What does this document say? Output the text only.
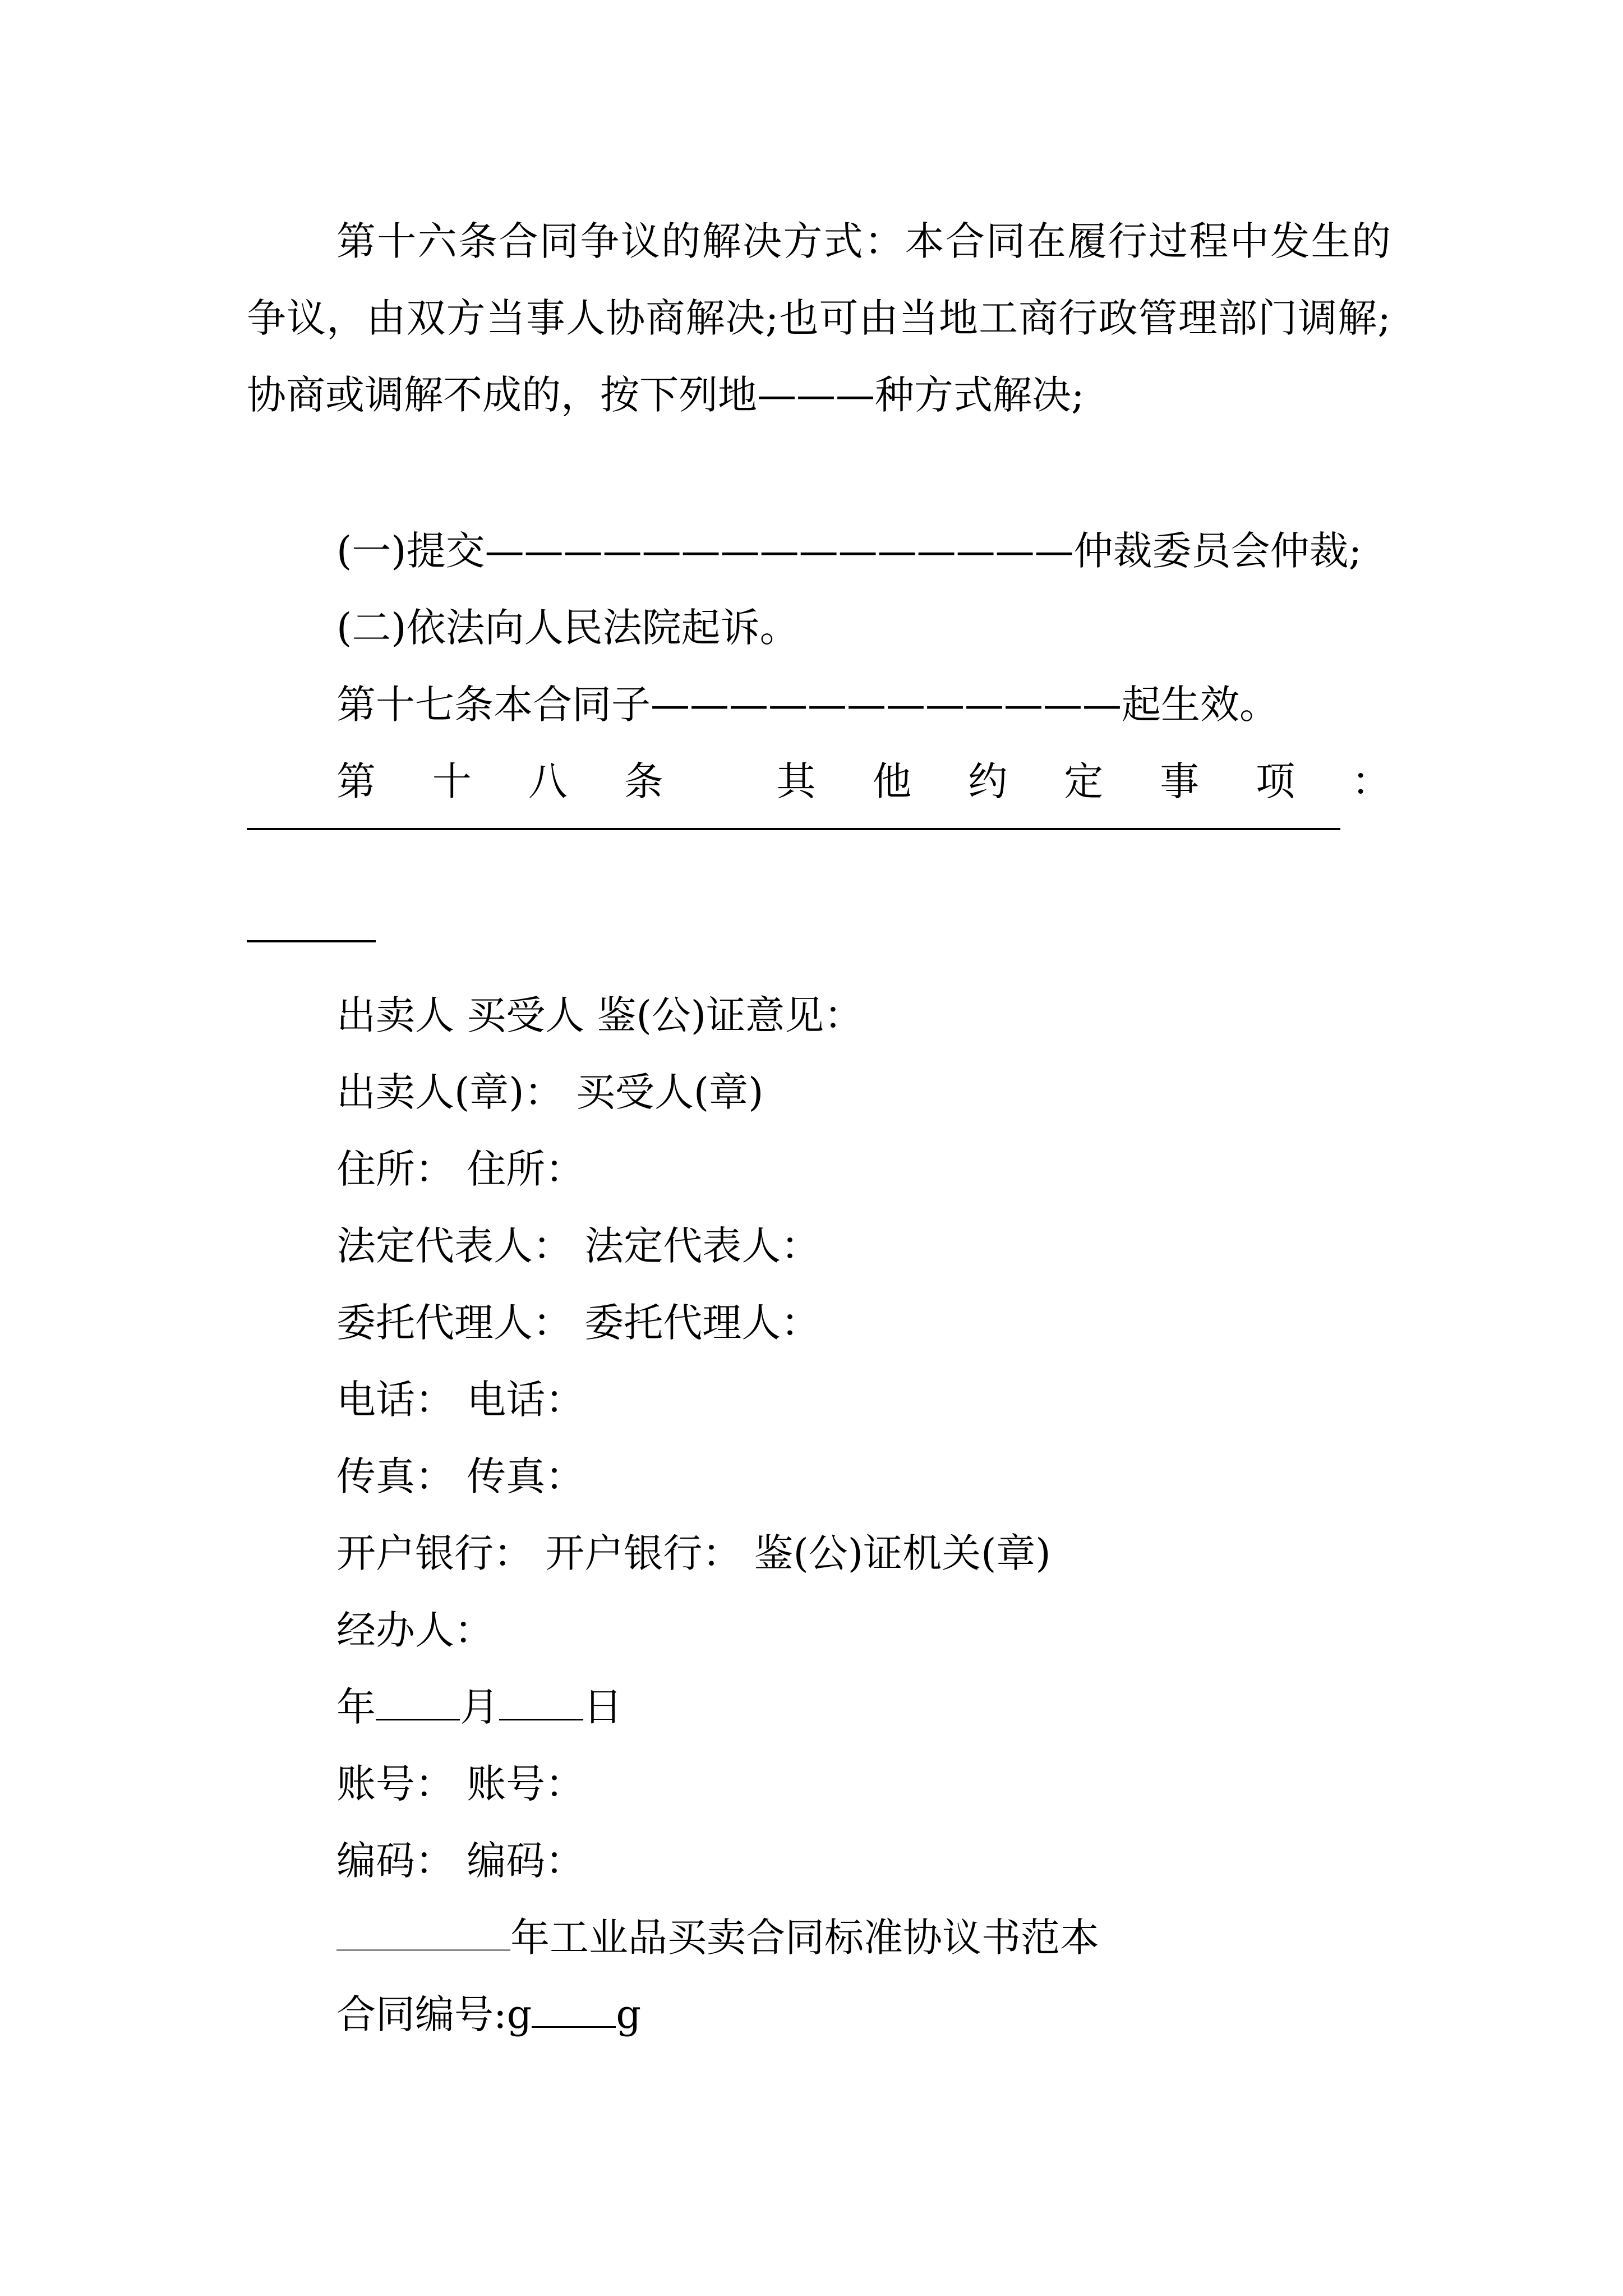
第十六条合同争议的解决方式：本合同在履行过程中发生的争议，由双方当事人协商解决;也可由当地工商行政管理部门调解;协商或调解不成的，按下列地———种方式解决;

(一)提交———————————————仲裁委员会仲裁;

(二)依法向人民法院起诉。

第十七条本合同子————————————起生效。

第 十 八 条	其 他 约 定 事 项 ：

出卖人 买受人 鉴(公)证意见：

出卖人(章)： 买受人(章)

住所： 住所：

法定代表人： 法定代表人：

委托代理人： 委托代理人：

电话： 电话：

传真： 传真：

开户银行： 开户银行： 鉴(公)证机关(章)

经办人：

年 月 日

账号： 账号：

编码： 编码：

年工业品买卖合同标准协议书范本

合同编号:g g
